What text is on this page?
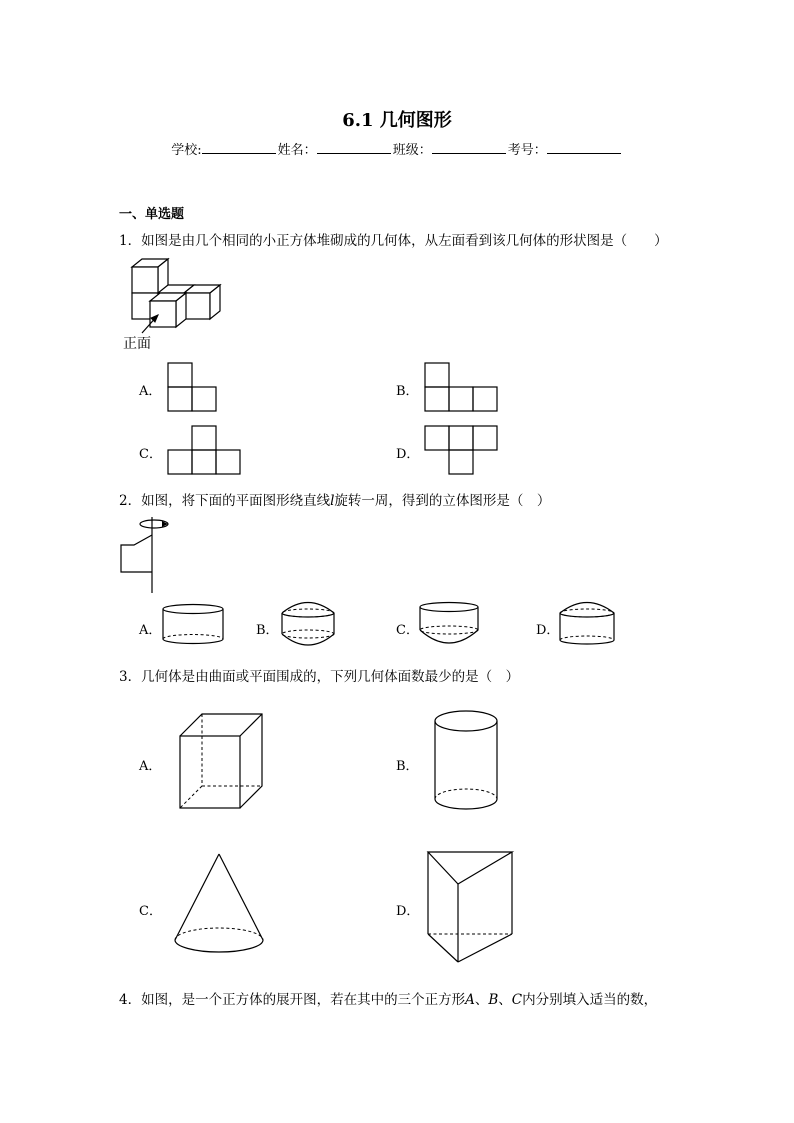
6.1 几何图形
学校:	姓名：	班级：	考号：
一、单选题
1．如图是由几个相同的小正方体堆砌成的几何体，从左面看到该几何体的形状图是（　　）
正面
A．	B．
C．	D．
2．如图，将下面的平面图形绕直线l旋转一周，得到的立体图形是（　）
A．	B．	C．	D．
3．几何体是由曲面或平面围成的，下列几何体面数最少的是（　）
A．	B．
C．	D．
4．如图，是一个正方体的展开图，若在其中的三个正方形A、B、C内分别填入适当的数，
